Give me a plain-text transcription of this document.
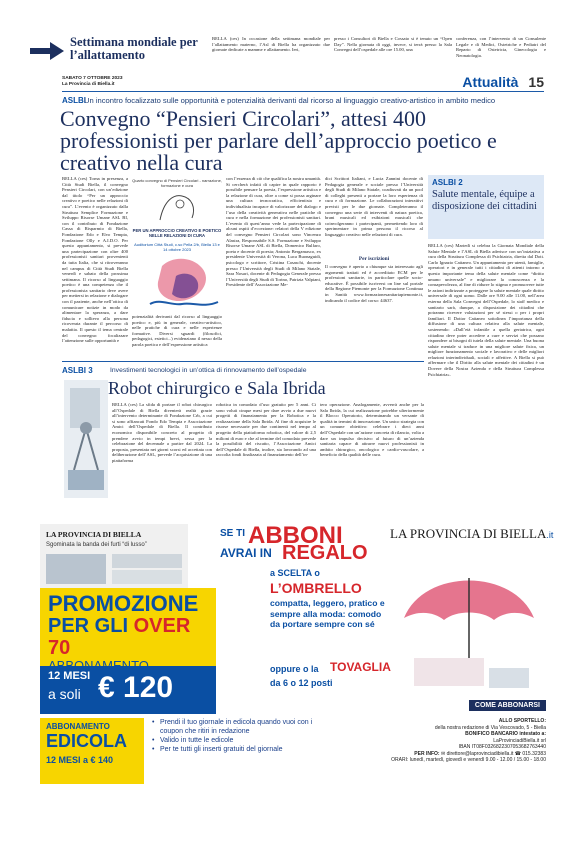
Settimana mondiale per l’allattamento
BELLA (ces) In occasione della settimana mondiale per l’allattamento materno, l’Asl di Biella ha organizzato due giornate dedicate a mamme e allattamento. Ieri,
presso i Consultori di Biella e Cossato si è tenuto un “Open Day”. Nella giornata di oggi, invece, si terrà presso la Sala Convegni dell’ospedale alle ore 15.00, una
conferenza, con l’intervento di un Consulente Legale e di Medici, Ostetriche e Pediatri del Reparto di Ostetricia, Ginecologia e Neonatologia.
SABATO 7 OTTOBRE 2023
La Provincia di Biella.it	Attualità 15
ASLBI
Un incontro focalizzato sulle opportunità e potenzialità derivanti dal ricorso al linguaggio creativo-artistico in ambito medico
Convegno “Pensieri Circolari”, attesi 400 professionisti per parlare dell’approccio poetico e creativo nella cura
BELLA (ces) Torna in presenza, a Città Studi Biella, il convegno Pensieri Circolari, con un’edizione dal titolo “Per un approccio creativo e poetico nelle relazioni di cura”. L’evento è organizzato dalla Struttura Semplice Formazione e Sviluppo Risorse Umane ASL BI, con il contributo di Fondazione Cassa di Risparmio di Biella, Fondazione Edo e Elvo Tempia, Fondazione Olly e A.I.D.O. Per questo appuntamento, si prevede una partecipazione con oltre 400 professionisti sanitari provenienti da tutta Italia, che si ritroveranno nel campus di Città Studi Biella venerdì e sabato della prossima settimana. Il ricorso al linguaggio poetico è una competenza che il professionista sanitario deve avere per mettersi in relazione e dialogare con il paziente, anche nell’ottica di comunicare notizie in modo da alimentare la speranza, a dare fiducia e sollievo alla persona ricoverata durante il percorso di malattia. Il questo il tema centrale del convegno: focalizzare l’attenzione sulle opportunità e
Quarto convegno di Pensieri Circolari - narrazione, formazione e cura
PER UN APPROCCIO CREATIVO E POETICO NELLE RELAZIONI DI CURA
Auditorium Città Studi, c.so Pella 2/b, Biella 13 e 14 ottobre 2023
potenzialità derivanti dal ricorso al linguaggio poetico e, più in generale, creativo-artistico, nelle pratiche di cura e nelle esperienze formative. Diversi sguardi (filosofici, pedagogici, estetici...) evidenziano il nesso della parola poetica e dell’espressione artistica
con l’essenza di ciò che qualifica la nostra umanità. Si cercherà infatti di capire in quale rapporto è possibile pensare la poesia, l’espressione artistica e la relazione di cura, oltre a come si possa arginare una cultura tecnocratica, efficientista e individualista incapace di valorizzare del dialogo e l’uso della creatività generativa nelle pratiche di cura e nella formazione dei professionisti sanitari. L’evento di quest’anno vede la partecipazione di alcuni ospiti d’eccezione: relatori della V edizione del convegno Pensieri Circolari sono Vincenzo Alastra, Responsabile S.S. Formazione e Sviluppo Risorse Umane ASL di Biella, Domenico Bulfaro, poeta e docente di poesia; Antonio Bergamasco, ex presidente Università di Verona, Luca Buonaguidi, psicologo e scrittore, Cristina Casaschi, docente presso l’Università degli Studi di Milano Statale, Sara Nosari, docente di Pedagogia Generale presso l’Università degli Studi di Torino, Patrizia Valpiani, Presidente dell’Associazione Me-
dici Scrittori Italiani, e Lucia Zannini docente di Pedagogia generale e sociale presso l’Università degli Studi di Milano Statale, coadiuvati da un pool di colleghi presenti a portare la loro esperienza di cura e di formazione. Le collaborazioni interattivi previsti per le due giornate. Completeranno il convegno una serie di interventi di natura poetica, brani musicali ed esibizioni musicali che coinvolgeranno i partecipanti, permettendo loro di sperimentare in prima persona il ricorso al linguaggio creativo nelle relazioni di cura.
Per iscrizioni
Il convegno è aperto a chiunque sia interessato agli argomenti trattati ed è accreditato ECM per le professioni sanitarie, in particolare quelle socio-educative. È possibile iscriversi on line sul portale della Regione Piemonte per la Formazione Continua in Sanità www.formazionesanitariapiemonte.it, indicando il codice del corso: 44637.
ASLBI 2
Salute mentale, équipe a disposizione dei cittadini
BELLA (ces) Martedì si celebra la Giornata Mondiale della Salute Mentale e l’ASL di Biella aderisce con un’iniziativa a cura della Struttura Complessa di Psichiatria, diretta dal Dott. Carlo Ignazio Cattaneo. Un appuntamento per utenti, famiglie, operatori e in generale tutti i cittadini di attenti intorno a questo importante tema della salute mentale come “diritto umano universale” e migliorare la conoscenza e la consapevolezza, al fine di ridurre lo stigma e promuovere tutte le azioni indirizzate a proteggere la salute mentale quale diritto universale di ogni uomo. Dalle ore 9.00 alle 11.00, nell’area esterna della Sala Convegni dell’Ospedale, lo staff medico e sanitario sarà, dunque, a disposizione dei cittadini che potranno ricevere valutazioni per sé stessi o per i propri familiari. Il Dottor Cattaneo sottolinea l’importanza della diffusione di una cultura relativa alla salute mentale, sostenendo: «Dall’età infantile a quella geriatrica, ogni cittadino deve poter accedere a cure e servizi che possano rispondere ai bisogni di tutela della salute mentale. Una buona salute mentale si traduce in una migliore salute fisica, un migliore funzionamento sociale e lavorativo e delle migliori relazioni interindividuali, sociali e affettive. A Biella si può affermare che il Diritto alla salute mentale dei cittadini è un Dovere della Nostra Azienda e della Struttura Complessa Psichiatria».
ASLBI 3	Investimenti tecnologici in un’ottica di rinnovamento dell’ospedale
Robot chirurgico e Sala Ibrida
BELLA (ces) La sfida di portare il robot chirurgico all’Ospedale di Biella diventerà realtà grazie all’intervento determinante di Fondazione Crb, a cui si sono affiancati Fondo Edo Tempia e Associazione Amici dell’Ospedale di Biella. Il contributo economico disponibile concreto al progetto di prendere avvio in tempi brevi, sessa per la celebrazione del decennale a partire dal 2024. La proposta, presentata nei giorni scorsi ed accettata con deliberazione dell’ASL, prevede l’acquisizione di una piattaforma
robotica in comodato d’uso gratuito per 5 anni. Ci sono voluti cinque mesi per dare avvio a due nuovi progetti di finanziamento per la Robotica e la realizzazione della Sala Ibrida. Al fine di acquisire le risorse necessarie per due continenti nel tempo al progetto della piattaforma robotica, del valore di 2,5 milioni di euro e che al termine del comodato prevede la possibilità del riscatto, l’Associazione Amici dell’Ospedale di Biella, inoltre, sta lavorando ad una raccolta fondi finalizzata al finanziamento dell’in-
tero operazione. Analogamente, avverrà anche per la Sala Ibrida, la cui realizzazione potrebbe ulteriormente il Blocco Operatorio, determinando un versante di qualità in termini di innovazione. Un unico strategia con un comune obiettivo: celebrare i dieci anni dell’Ospedale con un’azione concreta di rilancio, volta a dare un impulso decisivo al futuro di un’azienda sanitaria capace di attrarre nuovi professionisti in ambito chirurgico, oncologico e cardio-vascolare, a beneficio della qualità delle cura.
LA PROVINCIA DI BIELLA
Sgominata la banda dei furti “di lusso”
PROMOZIONE
PER GLI OVER 70
12 MESI
a soli € 120
SE TI ABBONI
AVRAI IN REGALO
a SCELTA o
L’OMBRELLO
compatta, leggero, pratico e sempre alla moda: comodo da portare sempre con sé
oppure o la TOVAGLIA
da 6 o 12 posti
LA PROVINCIA DI BIELLA.it
COME ABBONARSI
ABBONAMENTO
EDICOLA
12 MESI a € 140
• Prendi il tuo giornale in edicola quando vuoi con i coupon che ritiri in redazione
• Valido in tutte le edicole
• Per te tutti gli inserti gratuiti del giornale
ALLO SPORTELLO:
della nostra redazione di Via Vescovado, 5 - Biella
BONIFICO BANCARIO intestato a:
LaProvinciadiBiella.it srl
IBAN IT08F0326822307053682763440
PER INFO: ✉ direttore@laprovinciadibiella.it ☎ 015.32383
ORARI: lunedì, martedì, giovedì e venerdì 9.00 - 12.00 / 15.00 - 18.00
